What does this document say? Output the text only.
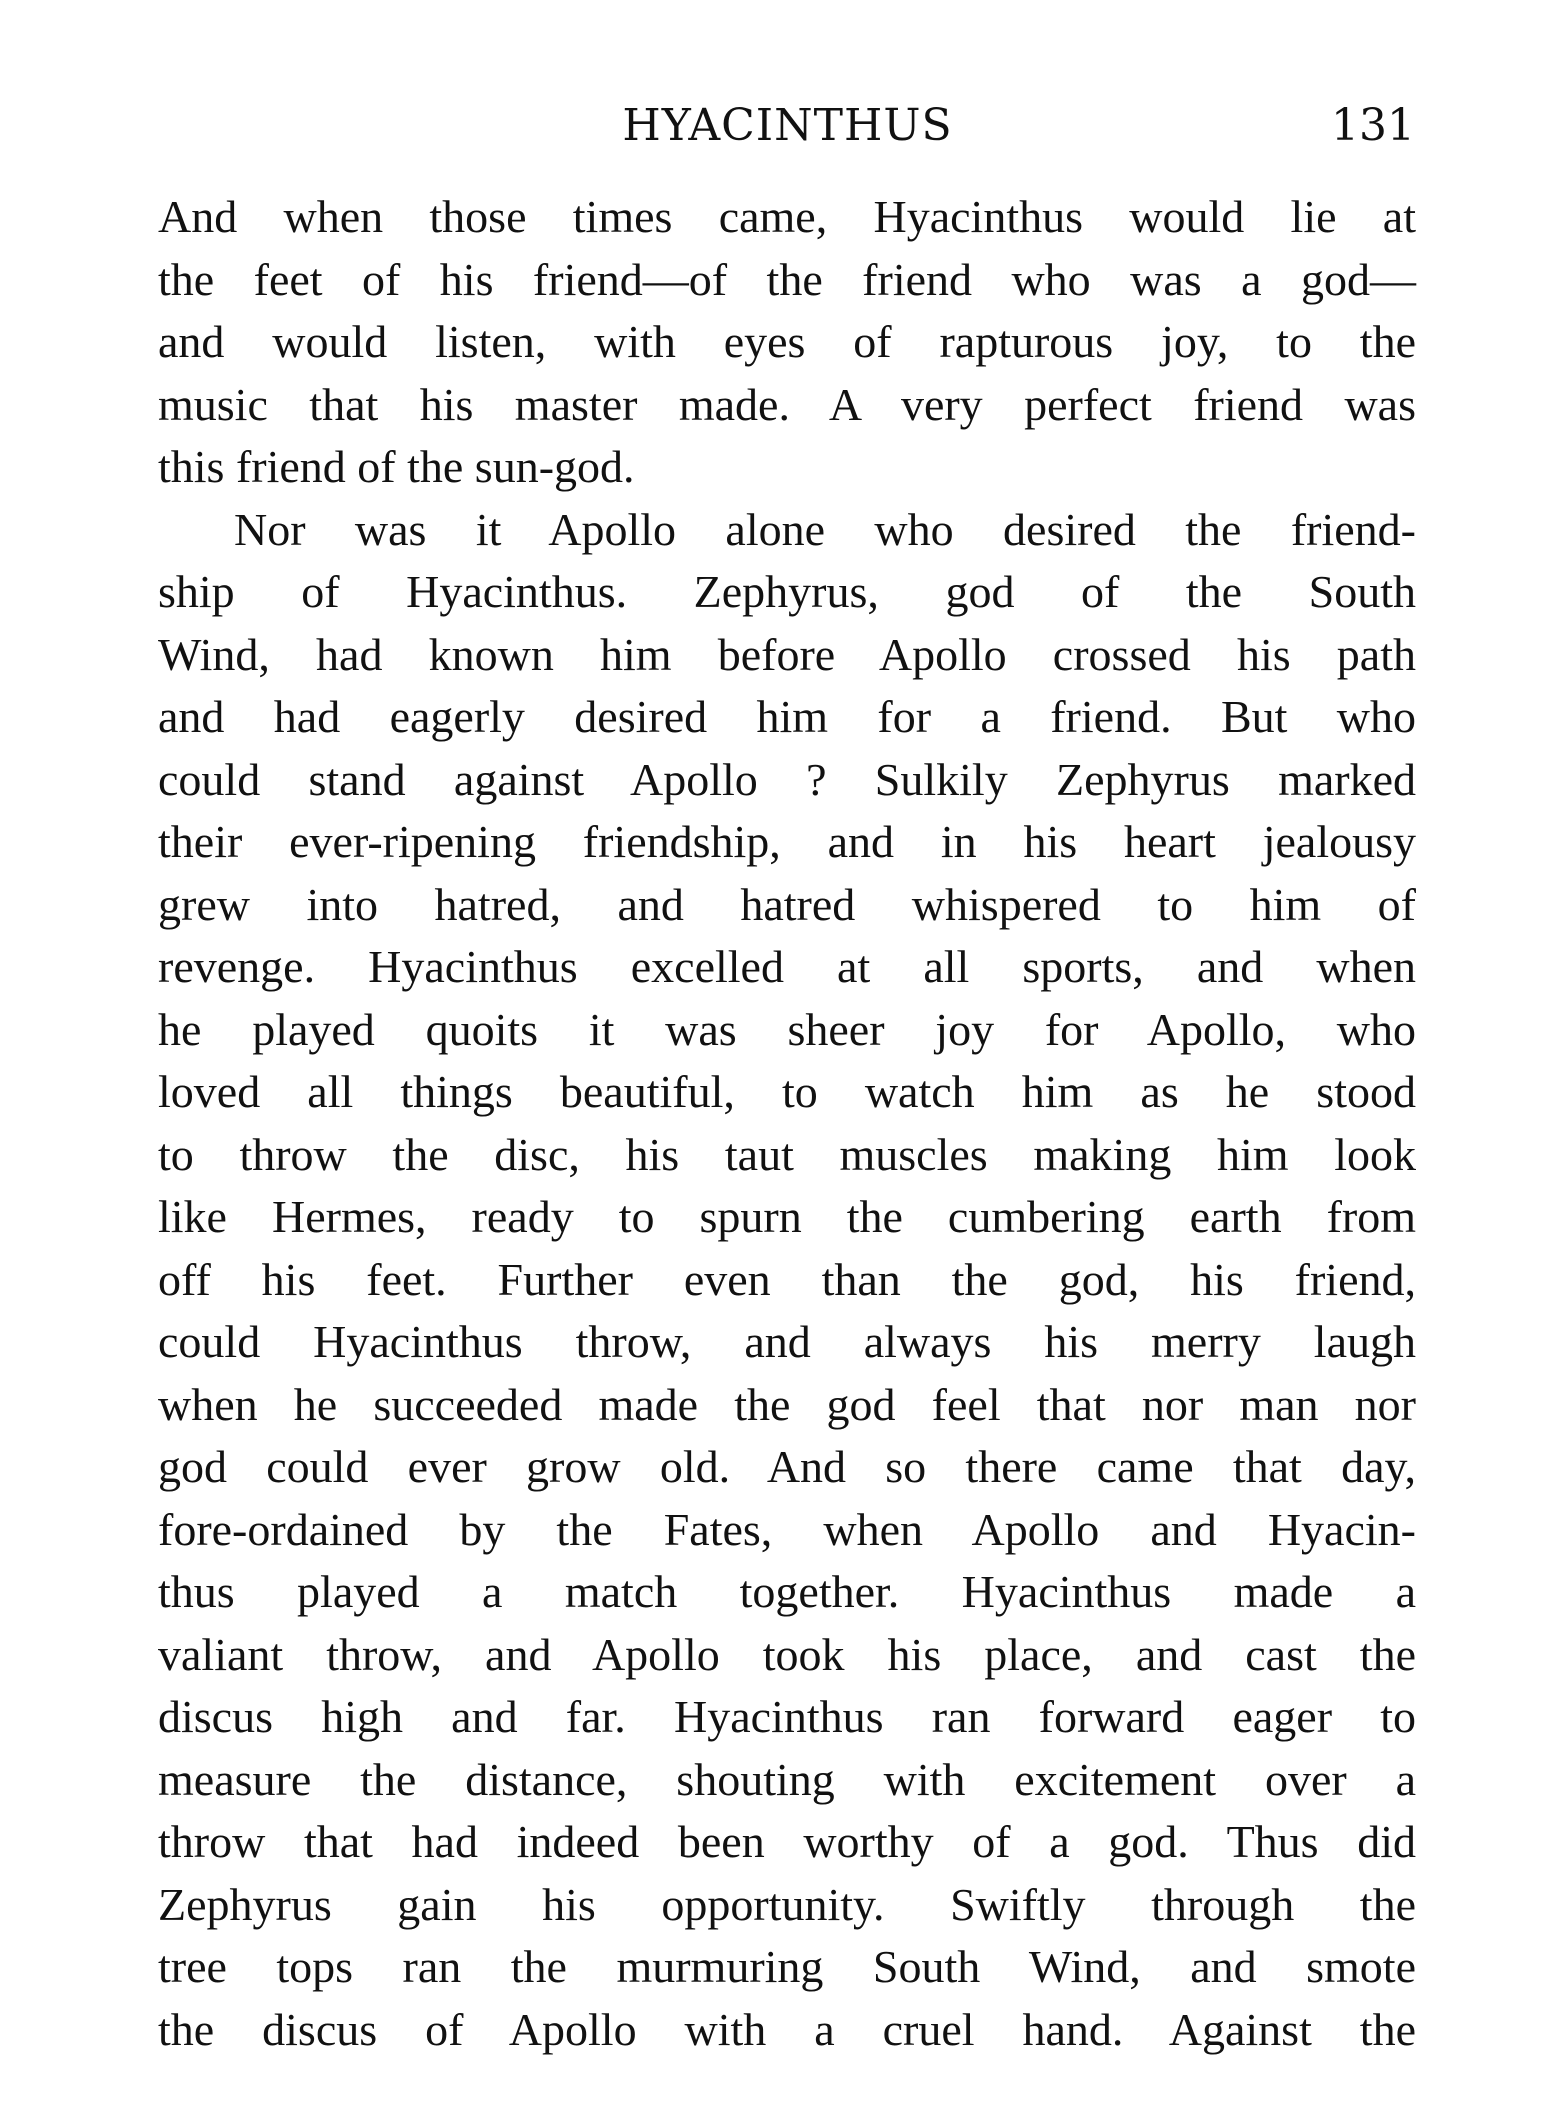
HYACINTHUS	131
And when those times came, Hyacinthus would lie at
the feet of his friend—of the friend who was a god—
and would listen, with eyes of rapturous joy, to the
music that his master made. A very perfect friend was
this friend of the sun-god.
Nor was it Apollo alone who desired the friend-
ship of Hyacinthus. Zephyrus, god of the South
Wind, had known him before Apollo crossed his path
and had eagerly desired him for a friend. But who
could stand against Apollo ? Sulkily Zephyrus marked
their ever-ripening friendship, and in his heart jealousy
grew into hatred, and hatred whispered to him of
revenge. Hyacinthus excelled at all sports, and when
he played quoits it was sheer joy for Apollo, who
loved all things beautiful, to watch him as he stood
to throw the disc, his taut muscles making him look
like Hermes, ready to spurn the cumbering earth from
off his feet. Further even than the god, his friend,
could Hyacinthus throw, and always his merry laugh
when he succeeded made the god feel that nor man nor
god could ever grow old. And so there came that day,
fore-ordained by the Fates, when Apollo and Hyacin-
thus played a match together. Hyacinthus made a
valiant throw, and Apollo took his place, and cast the
discus high and far. Hyacinthus ran forward eager to
measure the distance, shouting with excitement over a
throw that had indeed been worthy of a god. Thus did
Zephyrus gain his opportunity. Swiftly through the
tree tops ran the murmuring South Wind, and smote
the discus of Apollo with a cruel hand. Against the
